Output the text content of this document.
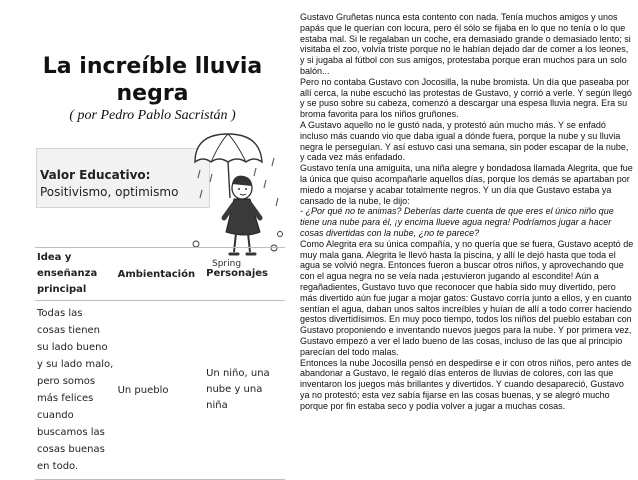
La increíble lluvia negra
( por Pedro Pablo Sacristán )
Valor Educativo:
Positivismo, optimismo
Spring
Idea y enseñanza principal	Ambientación	Personajes
Todas las cosas tienen su lado bueno y su lado malo, pero somos más felices cuando buscamos las cosas buenas en todo.	Un pueblo	Un niño, una nube y una niña

Gustavo Gruñetas nunca esta contento con nada. Tenía muchos amigos y unos papás que le querían con locura, pero él sólo se fijaba en lo que no tenía o lo que estaba mal. Si le regalaban un coche, era demasiado grande o demasiado lento; si visitaba el zoo, volvía triste porque no le habían dejado dar de comer a los leones, y si jugaba al fútbol con sus amigos, protestaba porque eran muchos para un solo balón...

Pero no contaba Gustavo con Jocosilla, la nube bromista. Un día que paseaba por allí cerca, la nube escuchó las protestas de Gustavo, y corrió a verle. Y según llegó y se puso sobre su cabeza, comenzó a descargar una espesa lluvia negra. Era su broma favorita para los niños gruñones.

A Gustavo aquello no le gustó nada, y protestó aún mucho más. Y se enfadó incluso más cuando vio que daba igual a dónde fuera, porque la nube y su lluvia negra le perseguían. Y así estuvo casi una semana, sin poder escapar de la nube, y cada vez más enfadado.

Gustavo tenía una amiguita, una niña alegre y bondadosa llamada Alegrita, que fue la única que quiso acompañarle aquellos días, porque los demás se apartaban por miedo a mojarse y acabar totalmente negros. Y un día que Gustavo estaba ya cansado de la nube, le dijo:

- ¿Por qué no te animas? Deberías darte cuenta de que eres el único niño que tiene una nube para él, ¡y encima llueve agua negra! Podríamos jugar a hacer cosas divertidas con la nube, ¿no te parece?

Como Alegrita era su única compañía, y no quería que se fuera, Gustavo aceptó de muy mala gana. Alegrita le llevó hasta la piscina, y allí le dejó hasta que toda el agua se volvió negra. Entonces fueron a buscar otros niños, y aprovechando que con el agua negra no se veía nada ¡estuvieron jugando al escondite! Aún a regañadientes, Gustavo tuvo que reconocer que había sido muy divertido, pero más divertido aún fue jugar a mojar gatos: Gustavo corría junto a ellos, y en cuanto sentían el agua, daban unos saltos increíbles y huían de allí a todo correr haciendo gestos divertidísimos. En muy poco tiempo, todos los niños del pueblo estaban con Gustavo proponiendo e inventando nuevos juegos para la nube. Y por primera vez, Gustavo empezó a ver el lado bueno de las cosas, incluso de las que al principio parecían del todo malas.

Entonces la nube Jocosilla pensó en despedirse e ir con otros niños, pero antes de abandonar a Gustavo, le regaló días enteros de lluvias de colores, con las que inventaron los juegos más brillantes y divertidos. Y cuando desapareció, Gustavo ya no protestó; esta vez sabía fijarse en las cosas buenas, y se alegró mucho porque por fin estaba seco y podía volver a jugar a muchas cosas.
